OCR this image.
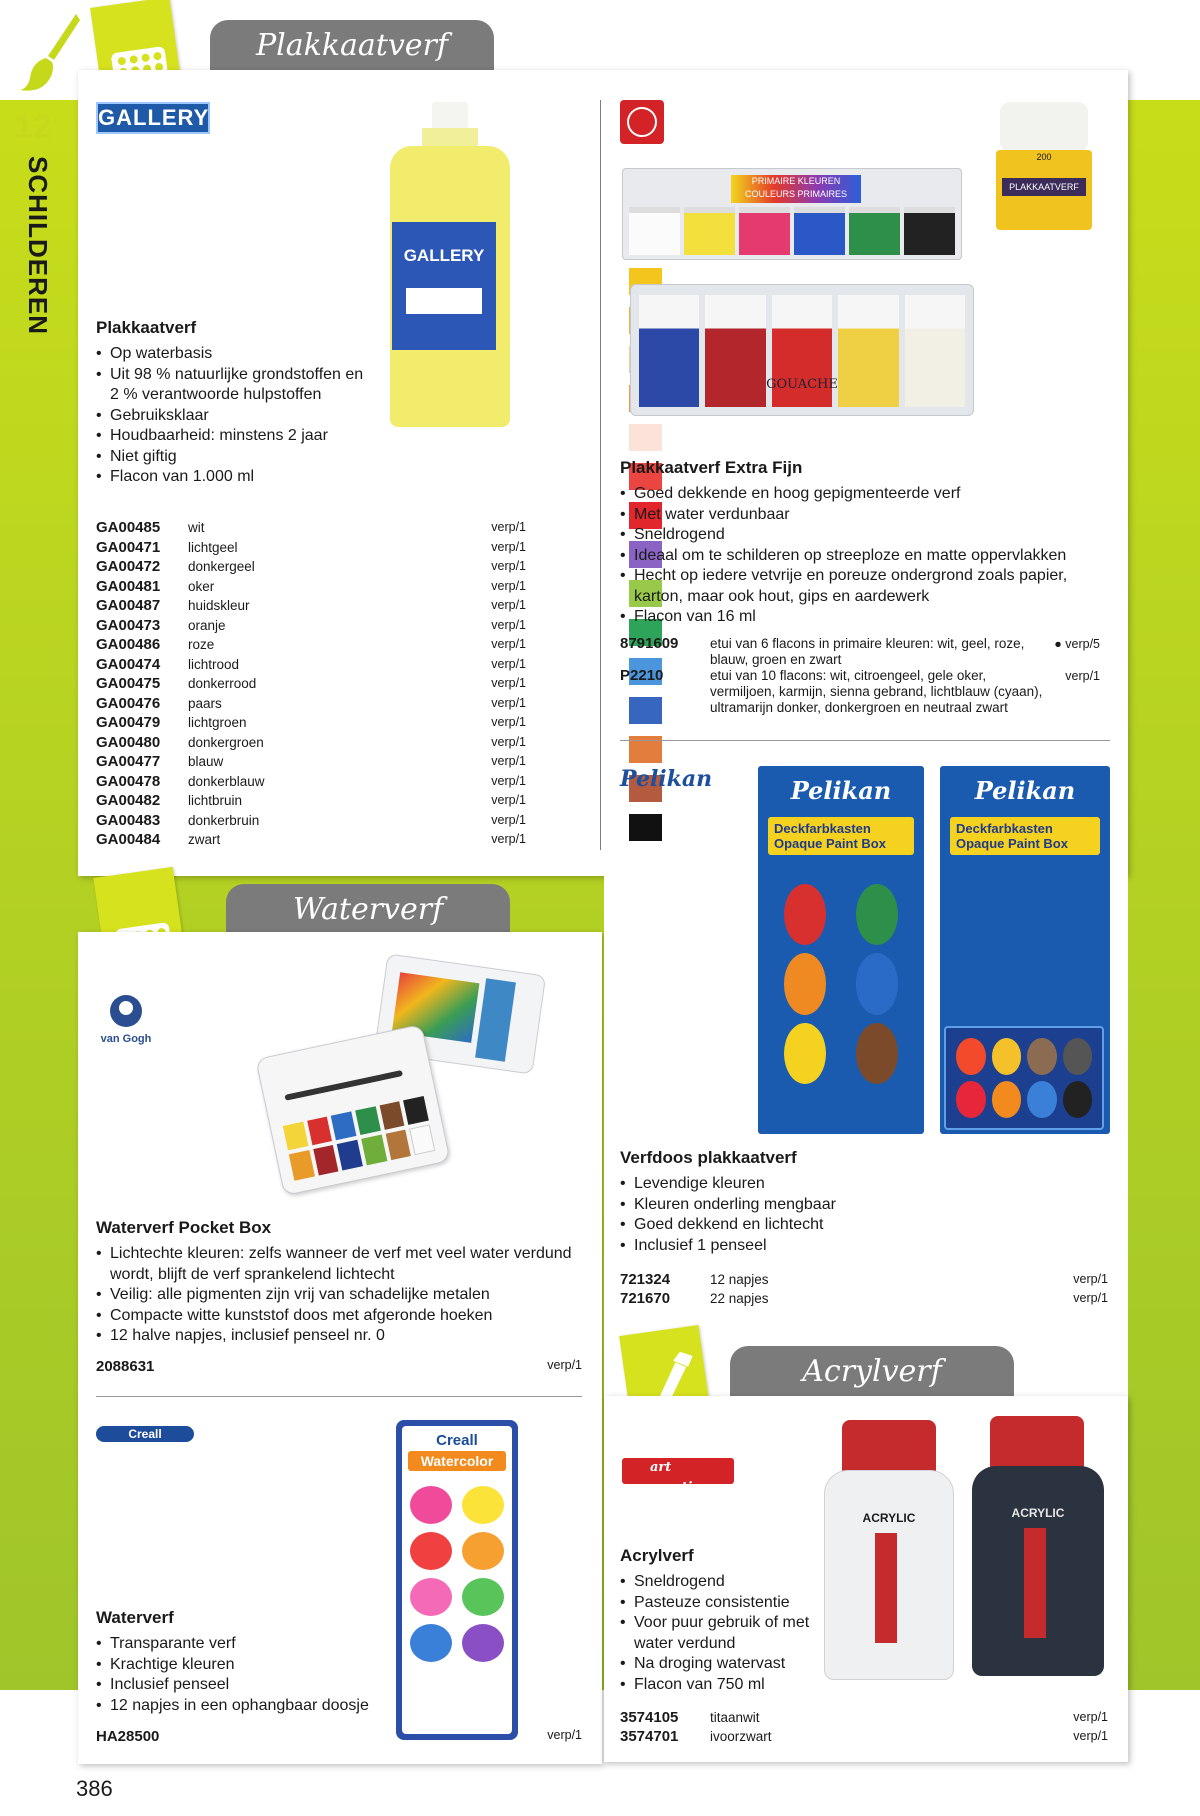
12
SCHILDEREN
Plakkaatverf
GALLERY
GALLERY
Plakkaatverf
• Op waterbasis
• Uit 98 % natuurlijke grondstoffen en 2 % verantwoorde hulpstoffen
• Gebruiksklaar
• Houdbaarheid: minstens 2 jaar
• Niet giftig
• Flacon van 1.000 ml
GA00485	wit	verp/1
GA00471	lichtgeel	verp/1
GA00472	donkergeel	verp/1
GA00481	oker	verp/1
GA00487	huidskleur	verp/1
GA00473	oranje	verp/1
GA00486	roze	verp/1
GA00474	lichtrood	verp/1
GA00475	donkerrood	verp/1
GA00476	paars	verp/1
GA00479	lichtgroen	verp/1
GA00480	donkergroen	verp/1
GA00477	blauw	verp/1
GA00478	donkerblauw	verp/1
GA00482	lichtbruin	verp/1
GA00483	donkerbruin	verp/1
GA00484	zwart	verp/1
PRIMAIRE KLEUREN
COULEURS PRIMAIRES
GOUACHE
200
PLAKKAATVERF
Plakkaatverf Extra Fijn
• Goed dekkende en hoog gepigmenteerde verf
• Met water verdunbaar
• Sneldrogend
• Ideaal om te schilderen op streeploze en matte oppervlakken
• Hecht op iedere vetvrije en poreuze ondergrond zoals papier, karton, maar ook hout, gips en aardewerk
• Flacon van 16 ml
8791609	etui van 6 flacons in primaire kleuren: wit, geel, roze, blauw, groen en zwart	● verp/5
P2210	etui van 10 flacons: wit, citroengeel, gele oker, vermiljoen, karmijn, sienna gebrand, lichtblauw (cyaan), ultramarijn donker, donkergroen en neutraal zwart	verp/1
Pelikan
Waterverf
van Gogh
Waterverf Pocket Box
• Lichtechte kleuren: zelfs wanneer de verf met veel water verdund wordt, blijft de verf sprankelend lichtecht
• Veilig: alle pigmenten zijn vrij van schadelijke metalen
• Compacte witte kunststof doos met afgeronde hoeken
• 12 halve napjes, inclusief penseel nr. 0
2088631	verp/1
Creall	Creall
Watercolor
Waterverf
• Transparante verf
• Krachtige kleuren
• Inclusief penseel
• 12 napjes in een ophangbaar doosje
HA28500	verp/1
Pelikan
Deckfarbkasten
Opaque Paint Box
Pelikan
Deckfarbkasten
Opaque Paint Box
Verfdoos plakkaatverf
• Levendige kleuren
• Kleuren onderling mengbaar
• Goed dekkend en lichtecht
• Inclusief 1 penseel
721324	12 napjes	verp/1
721670	22 napjes	verp/1
Acrylverf
art creation
ACRYLIC	ACRYLIC
Acrylverf
• Sneldrogend
• Pasteuze consistentie
• Voor puur gebruik of met water verdund
• Na droging watervast
• Flacon van 750 ml
3574105	titaanwit	verp/1
3574701	ivoorzwart	verp/1
386
